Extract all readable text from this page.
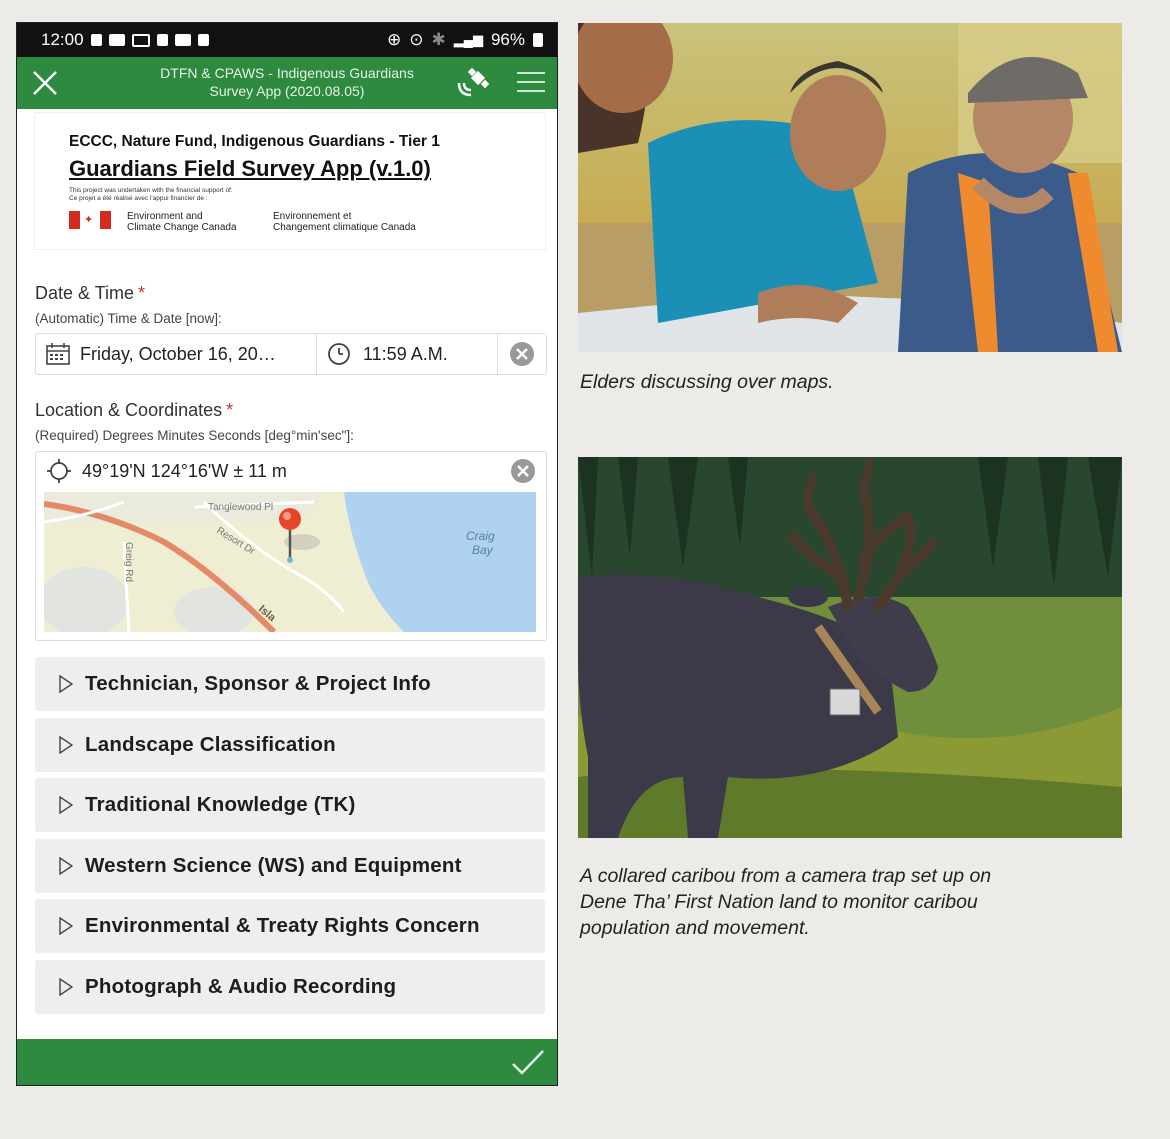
12:00	⊕ ⊙ ✱ ▂▄▆ 96%
DTFN & CPAWS - Indigenous Guardians
Survey App (2020.08.05)
ECCC, Nature Fund, Indigenous Guardians - Tier 1
Guardians Field Survey App (v.1.0)
This project was undertaken with the financial support of:
Ce projet a été réalisé avec l'appui financier de :
✦	Environment and
Climate Change Canada
Environnement et
Changement climatique Canada
Date & Time *
(Automatic) Time & Date [now]:
Friday, October 16, 20…	11:59 A.M.
Location & Coordinates *
(Required) Degrees Minutes Seconds [deg°min'sec"]:
49°19'N 124°16'W ± 11 m
Tanglewood Pl
Resort Dr
Greig Rd
Isla
Craig
Bay
Technician, Sponsor & Project Info
Landscape Classification
Traditional Knowledge (TK)
Western Science (WS) and Equipment
Environmental & Treaty Rights Concern
Photograph & Audio Recording
Elders discussing over maps.
A collared caribou from a camera trap set up on
Dene Tha’ First Nation land to monitor caribou
population and movement.
